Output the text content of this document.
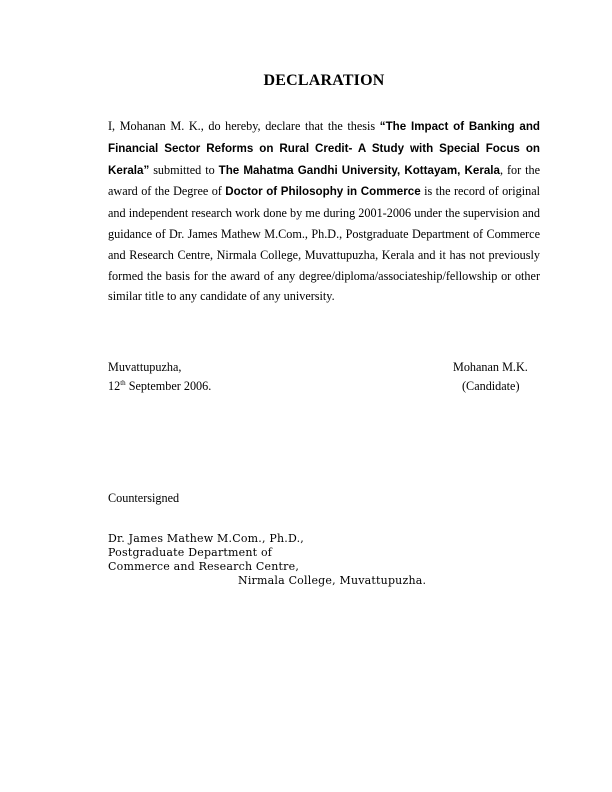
DECLARATION
I, Mohanan M. K., do hereby, declare that the thesis “The Impact of Banking and Financial Sector Reforms on Rural Credit- A Study with Special Focus on Kerala” submitted to The Mahatma Gandhi University, Kottayam, Kerala, for the award of the Degree of Doctor of Philosophy in Commerce is the record of original and independent research work done by me during 2001-2006 under the supervision and guidance of Dr. James Mathew M.Com., Ph.D., Postgraduate Department of Commerce and Research Centre, Nirmala College, Muvattupuzha, Kerala and it has not previously formed the basis for the award of any degree/diploma/associateship/fellowship or other similar title to any candidate of any university.
Muvattupuzha,
12th September 2006.
Mohanan M.K.
(Candidate)
Countersigned
Dr. James Mathew M.Com., Ph.D.,
Postgraduate Department of
Commerce and Research Centre,
Nirmala College, Muvattupuzha.
